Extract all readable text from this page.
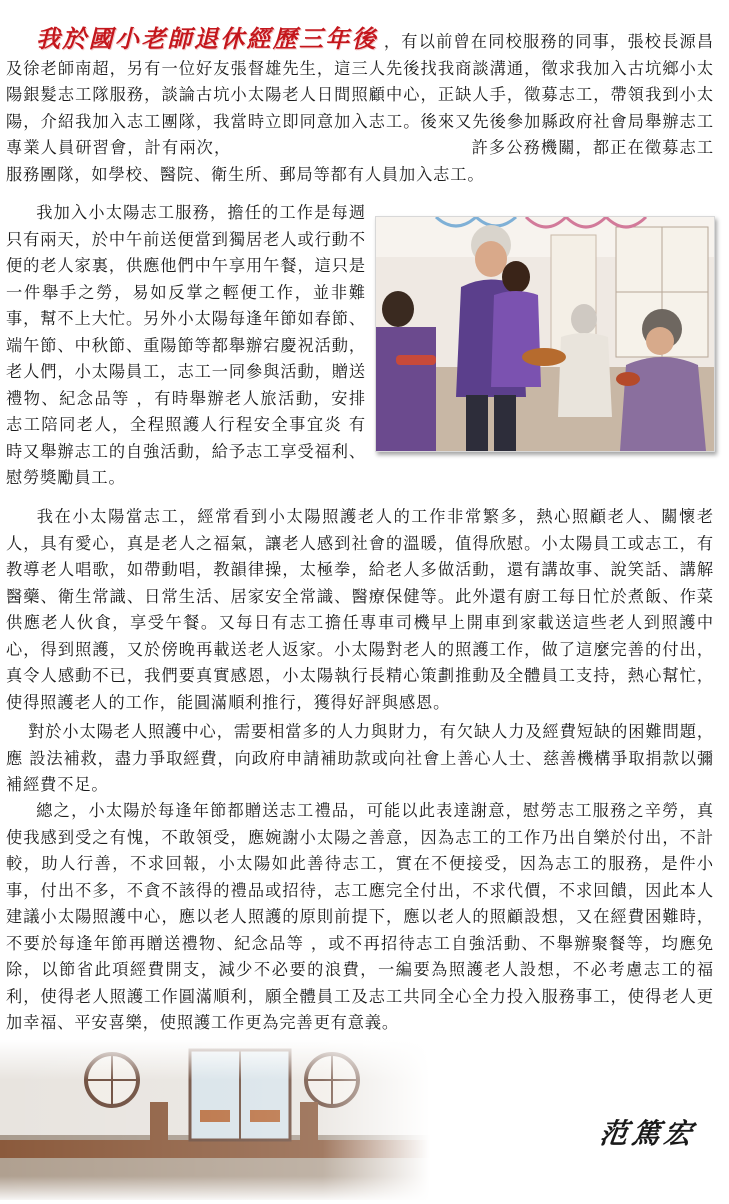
我於國小老師退休經歷三年後 ，有以前曾在同校服務的同事，張校長源昌及徐老師南超，另有一位好友張督雄先生，這三人先後找我商談溝通，徵求我加入古坑鄉小太陽銀髮志工隊服務，談論古坑小太陽老人日間照顧中心，正缺人手，徵募志工，帶領我到小太陽，介紹我加入志工團隊，我當時立即同意加入志工。後來又先後參加縣政府社會局舉辦志工專業人員研習會，計有兩次，	許多公務機關，都正在徵募志工服務團隊，如學校、醫院、衛生所、郵局等都有人員加入志工。

我加入小太陽志工服務，擔任的工作是每週只有兩天，於中午前送便當到獨居老人或行動不便的老人家裏，供應他們中午享用午餐，這只是一件舉手之勞，易如反掌之輕便工作，並非難事，幫不上大忙。另外小太陽每逢年節如春節、端午節、中秋節、重陽節等都舉辦宕慶祝活動，老人們，小太陽員工，志工一同參與活動，贈送禮物、紀念品等 ，有時舉辦老人旅活動，安排志工陪同老人，全程照護人行程安全事宜炎 有時又舉辦志工的自強活動，給予志工享受福利、慰勞獎勵員工。

我在小太陽當志工，經常看到小太陽照護老人的工作非常繁多，熱心照顧老人、關懷老人，具有愛心，真是老人之福氣，讓老人感到社會的溫暖，值得欣慰。小太陽員工或志工，有教導老人唱歌，如帶動唱，教韻律操，太極拳，給老人多做活動，還有講故事、說笑話、講解醫藥、衛生常識、日常生活、居家安全常識、醫療保健等。此外還有廚工每日忙於煮飯、作菜供應老人伙食，享受午餐。又每日有志工擔任專車司機早上開車到家載送這些老人到照護中心，得到照護，又於傍晚再載送老人返家。小太陽對老人的照護工作，做了這麼完善的付出，真令人感動不已，我們要真實感恩，小太陽執行長精心策劃推動及全體員工支持，熱心幫忙，使得照護老人的工作，能圓滿順利推行，獲得好評與感恩。

對於小太陽老人照護中心，需要相當多的人力與財力，有欠缺人力及經費短缺的困難問題，應 設法補救，盡力爭取經費，向政府申請補助款或向社會上善心人士、慈善機構爭取捐款以彌補經費不足。

總之，小太陽於每逢年節都贈送志工禮品，可能以此表達謝意，慰勞志工服務之辛勞，真使我感到受之有愧，不敢領受，應婉謝小太陽之善意，因為志工的工作乃出自樂於付出，不計較，助人行善，不求回報，小太陽如此善待志工，實在不便接受，因為志工的服務，是件小事，付出不多，不貪不該得的禮品或招待，志工應完全付出，不求代價，不求回饋，因此本人建議小太陽照護中心，應以老人照護的原則前提下，應以老人的照顧設想，又在經費困難時，不要於每逢年節再贈送禮物、紀念品等 ，或不再招待志工自強活動、不舉辦聚餐等，均應免除，以節省此項經費開支，減少不必要的浪費，一編要為照護老人設想，不必考慮志工的福利，使得老人照護工作圓滿順利，願全體員工及志工共同全心全力投入服務事工，使得老人更加幸福、平安喜樂，使照護工作更為完善更有意義。

范篤宏
